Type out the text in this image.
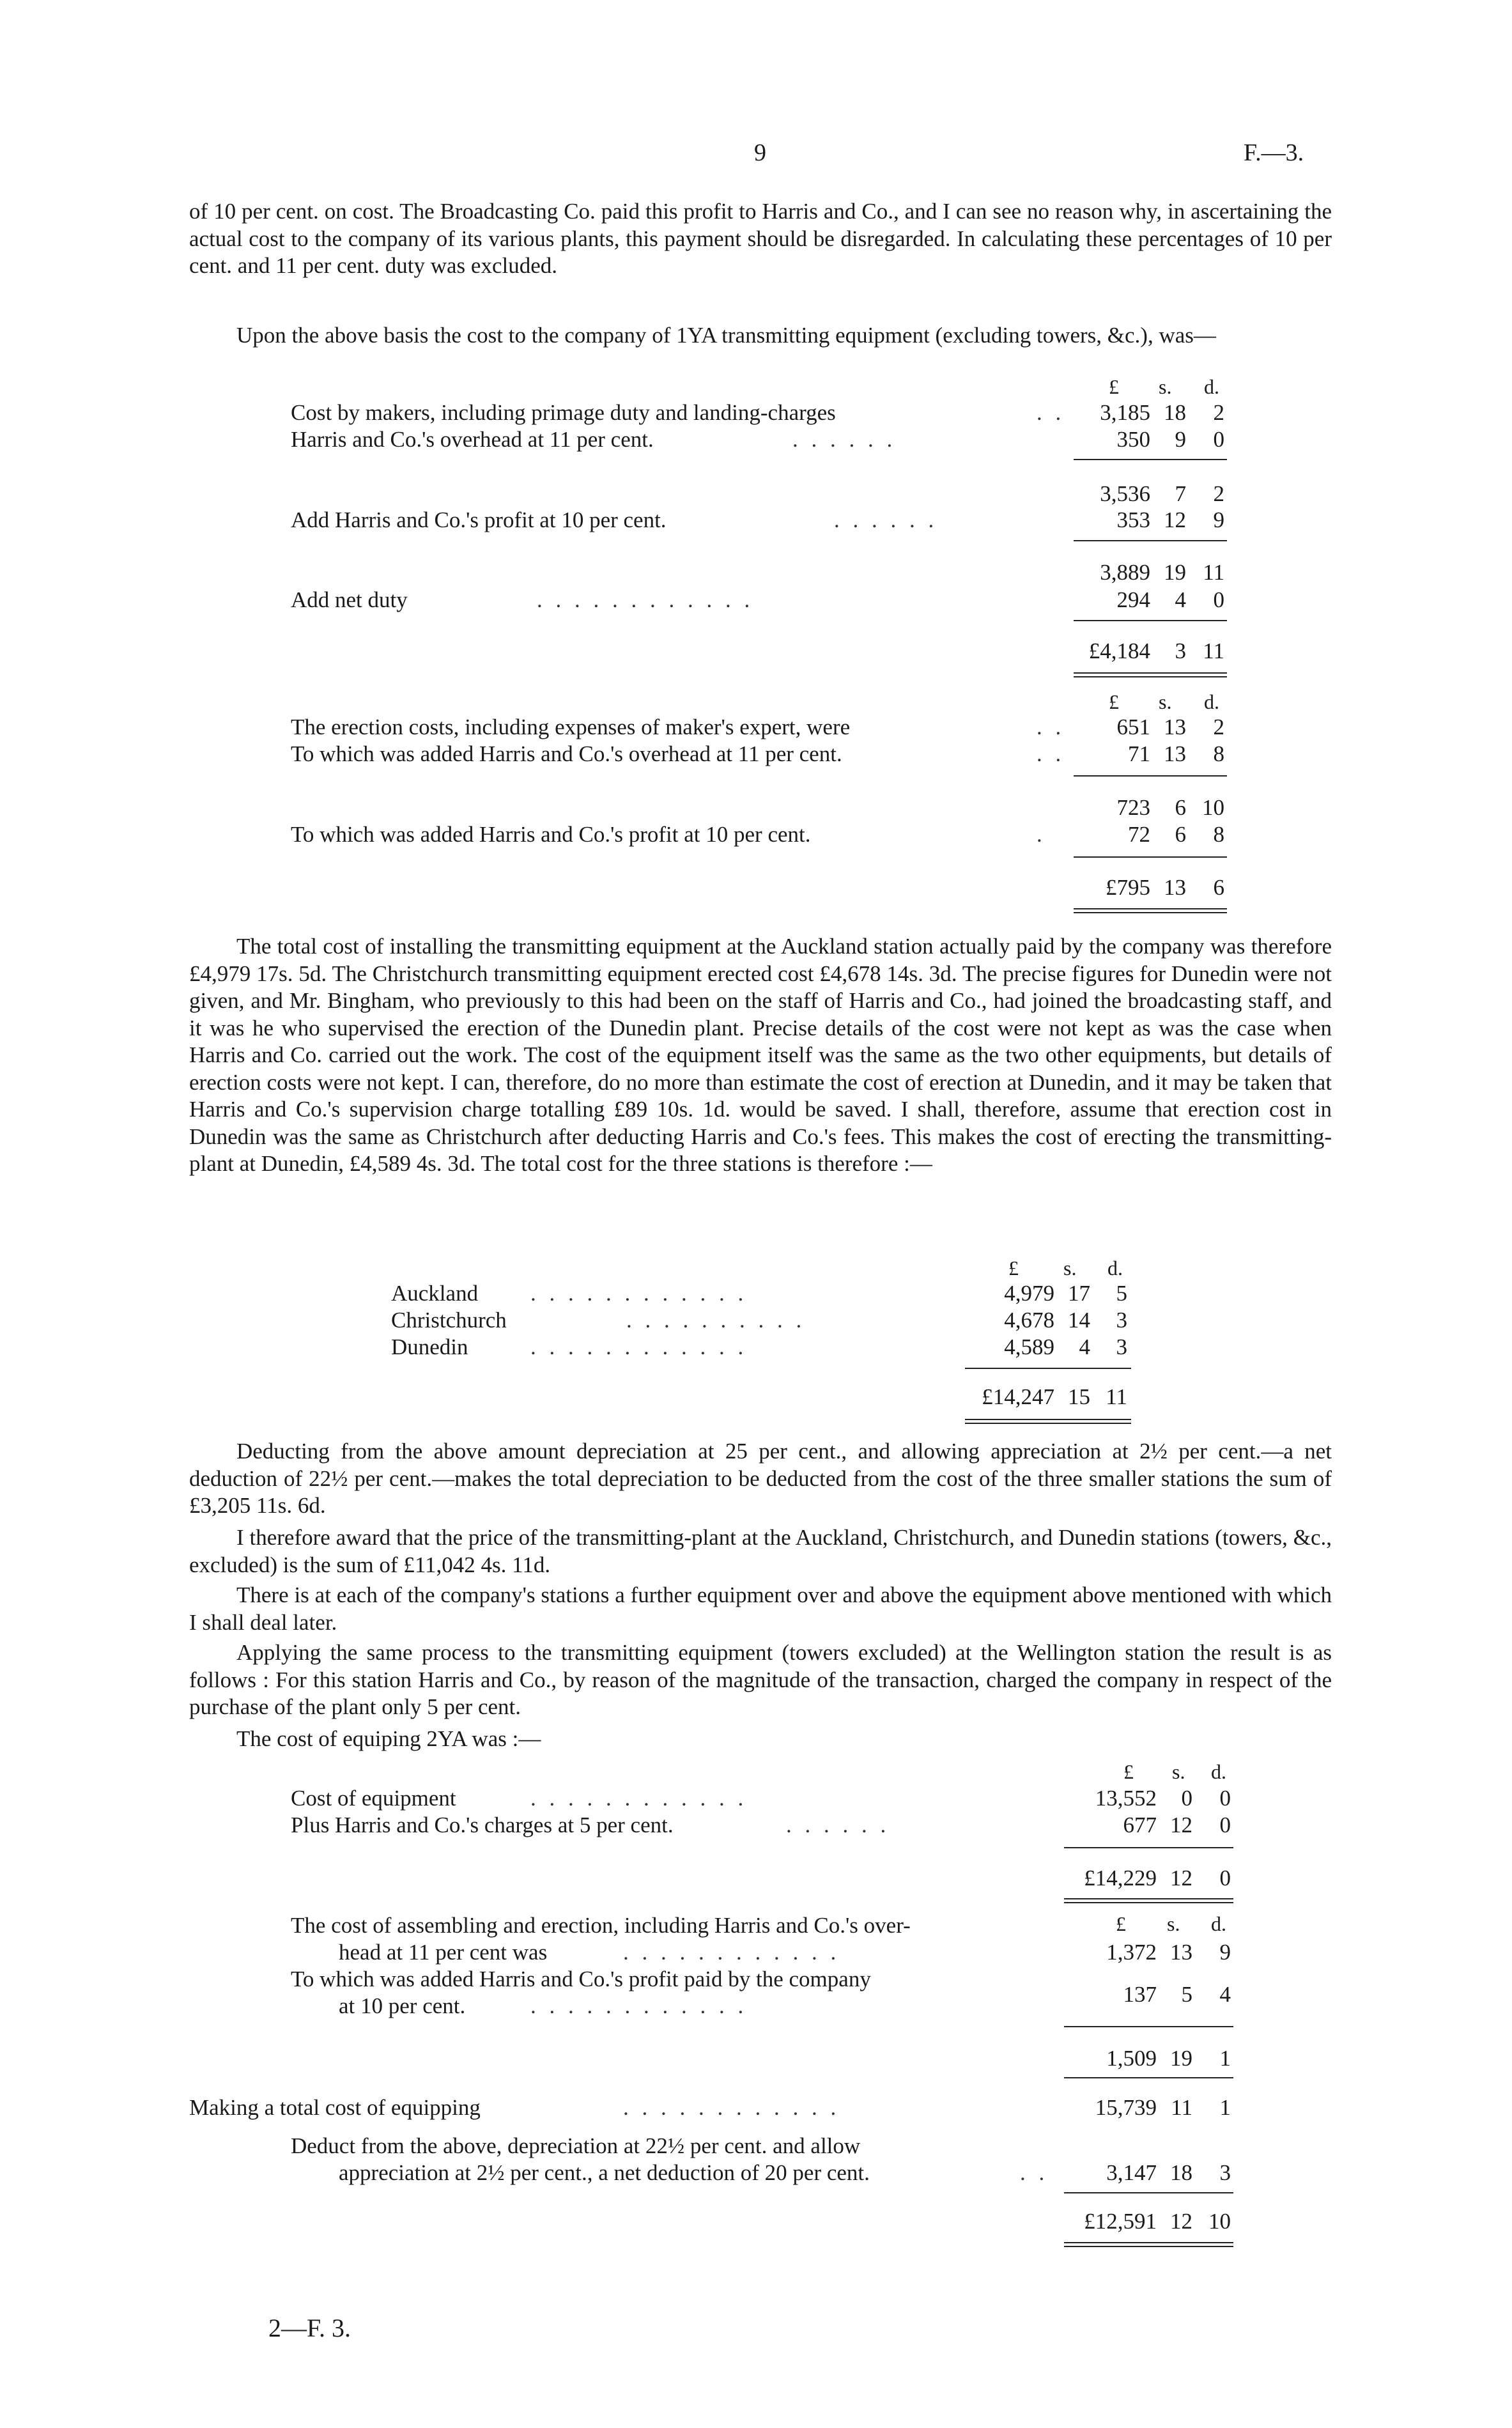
9	F.—3.
of 10 per cent. on cost. The Broadcasting Co. paid this profit to Harris and Co., and I can see no reason why, in ascertaining the actual cost to the company of its various plants, this payment should be disregarded. In calculating these percentages of 10 per cent. and 11 per cent. duty was excluded.
Upon the above basis the cost to the company of 1YA transmitting equipment (excluding towers, &c.), was—
£ s. d.
Cost by makers, including primage duty and landing-charges	. .	3,185 18	2
Harris and Co.'s overhead at 11 per cent.	. . . . . .	350	9	0
3,536	7	2
Add Harris and Co.'s profit at 10 per cent.	. . . . . .	353 12	9
3,889 19 11
Add net duty	. . . . . . . . . . . .	294	4	0
£4,184	3 11
£ s. d.
The erection costs, including expenses of maker's expert, were	. .	651 13	2
To which was added Harris and Co.'s overhead at 11 per cent.	. .	71 13	8
723	6 10
To which was added Harris and Co.'s profit at 10 per cent.	.	72	6	8
£795 13	6
The total cost of installing the transmitting equipment at the Auckland station actually paid by the company was therefore £4,979 17s. 5d. The Christchurch transmitting equipment erected cost £4,678 14s. 3d. The precise figures for Dunedin were not given, and Mr. Bingham, who previously to this had been on the staff of Harris and Co., had joined the broadcasting staff, and it was he who supervised the erection of the Dunedin plant. Precise details of the cost were not kept as was the case when Harris and Co. carried out the work. The cost of the equipment itself was the same as the two other equipments, but details of erection costs were not kept. I can, therefore, do no more than estimate the cost of erection at Dunedin, and it may be taken that Harris and Co.'s supervision charge totalling £89 10s. 1d. would be saved. I shall, therefore, assume that erection cost in Dunedin was the same as Christchurch after deducting Harris and Co.'s fees. This makes the cost of erecting the transmitting-plant at Dunedin, £4,589 4s. 3d. The total cost for the three stations is therefore :—
£ s. d.
Auckland . . . . . . . . . . . .	4,979 17	5
Christchurch	. . . . . . . . . .	4,678 14	3
Dunedin	. . . . . . . . . . . .	4,589	4	3
£14,247 15 11
Deducting from the above amount depreciation at 25 per cent., and allowing appreciation at 2½ per cent.—a net deduction of 22½ per cent.—makes the total depreciation to be deducted from the cost of the three smaller stations the sum of £3,205 11s. 6d.
I therefore award that the price of the transmitting-plant at the Auckland, Christchurch, and Dunedin stations (towers, &c., excluded) is the sum of £11,042 4s. 11d.
There is at each of the company's stations a further equipment over and above the equipment above mentioned with which I shall deal later.
Applying the same process to the transmitting equipment (towers excluded) at the Wellington station the result is as follows : For this station Harris and Co., by reason of the magnitude of the transaction, charged the company in respect of the purchase of the plant only 5 per cent.
The cost of equiping 2YA was :—
£ s. d.
Cost of equipment	. . . . . . . . . . . .	13,552	0	0
Plus Harris and Co.'s charges at 5 per cent.	. . . . . .	677 12	0
£14,229 12	0
£ s. d.
The cost of assembling and erection, including Harris and Co.'s over-
head at 11 per cent was	. . . . . . . . . . . .	1,372 13	9
To which was added Harris and Co.'s profit paid by the company
at 10 per cent.	. . . . . . . . . . . .	137	5	4
1,509 19	1
Making a total cost of equipping	. . . . . . . . . . . .	15,739 11	1
Deduct from the above, depreciation at 22½ per cent. and allow
appreciation at 2½ per cent., a net deduction of 20 per cent.	. .	3,147 18	3
£12,591 12 10
2—F. 3.
